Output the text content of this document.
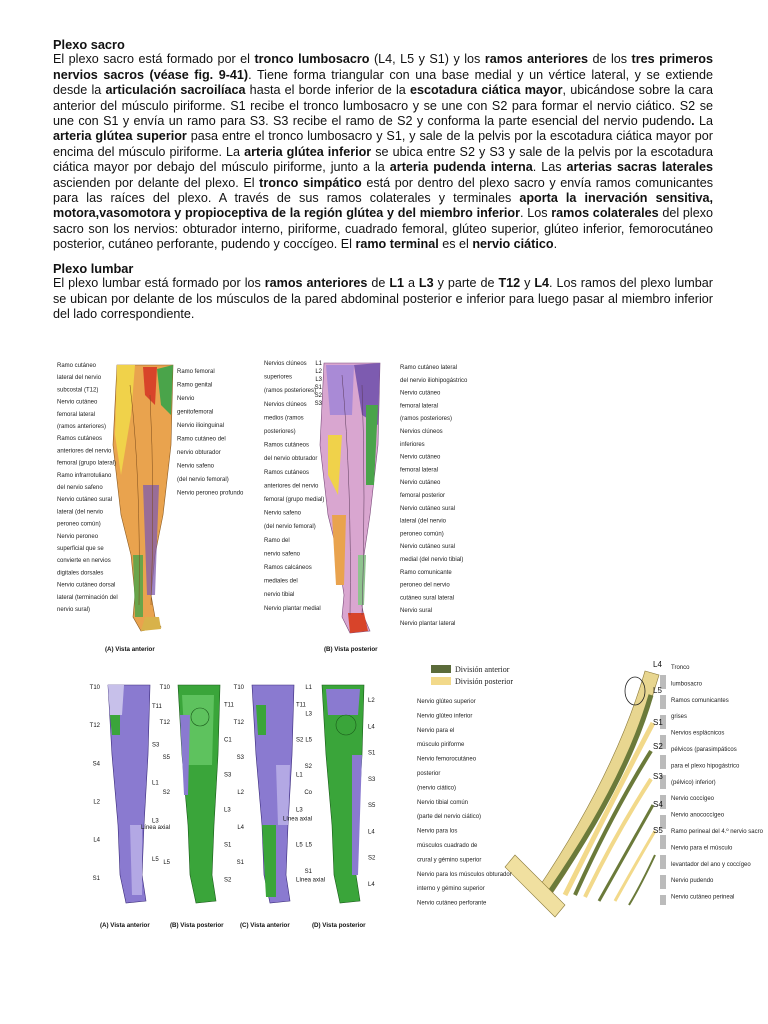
Plexo sacro

El plexo sacro está formado por el tronco lumbosacro (L4, L5 y S1) y los ramos anteriores de los tres primeros nervios sacros (véase fig. 9-41). Tiene forma triangular con una base medial y un vértice lateral, y se extiende desde la articulación sacroilíaca hasta el borde inferior de la escotadura ciática mayor, ubicándose sobre la cara anterior del músculo piriforme. S1 recibe el tronco lumbosacro y se une con S2 para formar el nervio ciático. S2 se une con S1 y envía un ramo para S3. S3 recibe el ramo de S2 y conforma la parte esencial del nervio pudendo. La arteria glútea superior pasa entre el tronco lumbosacro y S1, y sale de la pelvis por la escotadura ciática mayor por encima del músculo piriforme. La arteria glútea inferior se ubica entre S2 y S3 y sale de la pelvis por la escotadura ciática mayor por debajo del músculo piriforme, junto a la arteria pudenda interna. Las arterias sacras laterales ascienden por delante del plexo. El tronco simpático está por dentro del plexo sacro y envía ramos comunicantes para las raíces del plexo. A través de sus ramos colaterales y terminales aporta la inervación sensitiva, motora,vasomotora y propioceptiva de la región glútea y del miembro inferior. Los ramos colaterales del plexo sacro son los nervios: obturador interno, piriforme, cuadrado femoral, glúteo superior, glúteo inferior, femorocutáneo posterior, cutáneo perforante, pudendo y coccígeo. El ramo terminal es el nervio ciático.

Plexo lumbar

El plexo lumbar está formado por los ramos anteriores de L1 a L3 y parte de T12 y L4. Los ramos del plexo lumbar se ubican por delante de los músculos de la pared abdominal posterior e inferior para luego pasar al miembro inferior del lado correspondiente.

Ramo cutáneo
lateral del nervio
subcostal (T12)
Nervio cutáneo
femoral lateral
(ramos anteriores)
Ramos cutáneos
anteriores del nervio
femoral (grupo lateral)
Ramo infrarrotuliano
del nervio safeno
Nervio cutáneo sural
lateral (del nervio
peroneo común)
Nervio peroneo
superficial que se
convierte en nervios
digitales dorsales
Nervio cutáneo dorsal
lateral (terminación del
nervio sural)
Ramo femoral
Ramo genital
Nervio
genitofemoral
Nervio ilioinguinal
Ramo cutáneo del
nervio obturador
Nervio safeno
(del nervio femoral)
Nervio peroneo profundo
(A) Vista anterior
Nervios clúneos
superiores
(ramos posteriores)
Nervios clúneos
medios (ramos
posteriores)
Ramos cutáneos
del nervio obturador
Ramos cutáneos
anteriores del nervio
femoral (grupo medial)
Nervio safeno
(del nervio femoral)
Ramo del
nervio safeno
Ramos calcáneos
mediales del
nervio tibial
Nervio plantar medial
L1
L2
L3
S1
S2
S3
Ramo cutáneo lateral
del nervio iliohipogástrico
Nervio cutáneo
femoral lateral
(ramos posteriores)
Nervios clúneos
inferiores
Nervio cutáneo
femoral lateral
Nervio cutáneo
femoral posterior
Nervio cutáneo sural
lateral (del nervio
peroneo común)
Nervio cutáneo sural
medial (del nervio tibial)
Ramo comunicante
peroneo del nervio
cutáneo sural lateral
Nervio sural
Nervio plantar lateral
(B) Vista posterior
T10
T11
T12
S3
S4
L1
L2
L3
L4
L5
S1
T10
T11
T12
C1
S5
S3
S2
L3
Línea axial
S1
L5
S2
T10
T11
T12
S2
S3
L1
L2
L3
L4
L5
S1
Línea axial
L1
L2
L3
L4
L5
S1
S2
S3
Co
S5
Línea axial
L4
L5
S2
S1
L4
(A) Vista anterior	(B) Vista posterior	(C) Vista anterior	(D) Vista posterior
División anterior
División posterior
L4
L5
S1
S2
S3
S4
S5
Nervio glúteo superior
Nervio glúteo inferior
Nervio para el
músculo piriforme
Nervio femorocutáneo
posterior
(nervio ciático)
Nervio tibial común
(parte del nervio ciático)
Nervio para los
músculos cuadrado de
crural y gémino superior
Nervio para los músculos obturador
interno y gémino superior
Nervio cutáneo perforante
Tronco
lumbosacro
Ramos comunicantes
grises
Nervios esplácnicos
pélvicos (parasimpáticos
para el plexo hipogástrico
(pélvico) inferior)
Nervio coccígeo
Nervio anococcígeo
Ramo perineal del 4.º nervio sacro
Nervio para el músculo
levantador del ano y coccígeo
Nervio pudendo
Nervio cutáneo perineal
